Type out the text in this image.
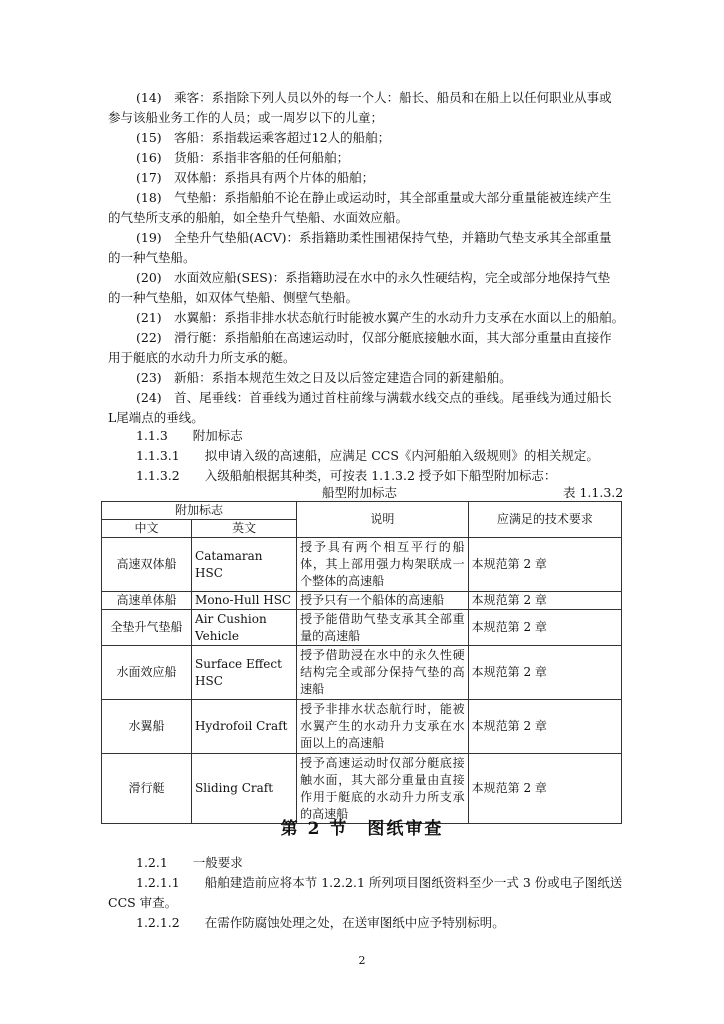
(14)　乘客：系指除下列人员以外的每一个人：船长、船员和在船上以任何职业从事或
参与该船业务工作的人员；或一周岁以下的儿童；
(15)　客船：系指载运乘客超过12人的船舶；
(16)　货船：系指非客船的任何船舶；
(17)　双体船：系指具有两个片体的船舶；
(18)　气垫船：系指船舶不论在静止或运动时，其全部重量或大部分重量能被连续产生
的气垫所支承的船舶，如全垫升气垫船、水面效应船。
(19)　全垫升气垫船(ACV)：系指籍助柔性围裙保持气垫，并籍助气垫支承其全部重量
的一种气垫船。
(20)　水面效应船(SES)：系指籍助浸在水中的永久性硬结构，完全或部分地保持气垫
的一种气垫船，如双体气垫船、侧壁气垫船。
(21)　水翼船：系指非排水状态航行时能被水翼产生的水动升力支承在水面以上的船舶。
(22)　滑行艇：系指船舶在高速运动时，仅部分艇底接触水面，其大部分重量由直接作
用于艇底的水动升力所支承的艇。
(23)　新船：系指本规范生效之日及以后签定建造合同的新建船舶。
(24)　首、尾垂线：首垂线为通过首柱前缘与满载水线交点的垂线。尾垂线为通过船长
L尾端点的垂线。
1.1.3　　附加标志
1.1.3.1　　拟申请入级的高速船，应满足 CCS《内河船舶入级规则》的相关规定。
1.1.3.2　　入级船舶根据其种类，可按表 1.1.3.2 授予如下船型附加标志：
船型附加标志	表 1.1.3.2
附加标志		说明	应满足的技术要求
中文	英文		
高速双体船	Catamaran HSC	授予具有两个相互平行的船体，其上部用强力构架联成一个整体的高速船	本规范第 2 章
高速单体船	Mono-Hull HSC	授予只有一个船体的高速船	本规范第 2 章
全垫升气垫船	Air Cushion Vehicle	授予能借助气垫支承其全部重量的高速船	本规范第 2 章
水面效应船	Surface Effect HSC	授予借助浸在水中的永久性硬结构完全或部分保持气垫的高速船	本规范第 2 章
水翼船	Hydrofoil Craft	授予非排水状态航行时，能被水翼产生的水动升力支承在水面以上的高速船	本规范第 2 章
滑行艇	Sliding Craft	授予高速运动时仅部分艇底接触水面，其大部分重量由直接作用于艇底的水动升力所支承的高速船	本规范第 2 章
第 2 节　图纸审查
1.2.1　　一般要求
1.2.1.1　　船舶建造前应将本节 1.2.2.1 所列项目图纸资料至少一式 3 份或电子图纸送
CCS 审查。
1.2.1.2　　在需作防腐蚀处理之处，在送审图纸中应予特别标明。
2
